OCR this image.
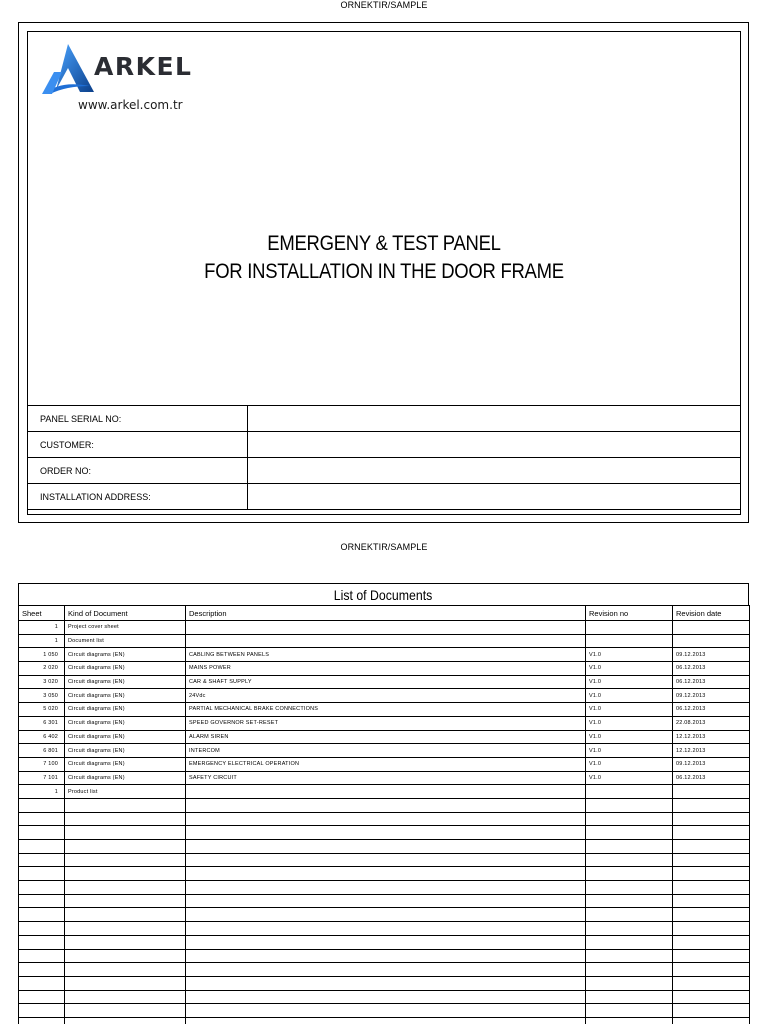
ORNEKTIR/SAMPLE
ARKEL
www.arkel.com.tr
EMERGENY & TEST PANEL
FOR INSTALLATION IN THE DOOR FRAME
PANEL SERIAL NO:	
CUSTOMER:	
ORDER NO:	
INSTALLATION ADDRESS:	
ORNEKTIR/SAMPLE
List of Documents
Sheet	Kind of Document	Description	Revision no	Revision date
1	Project cover sheet			
1	Document list			
1 050	Circuit diagrams (EN)	CABLING BETWEEN PANELS	V1.0	09.12.2013
2 020	Circuit diagrams (EN)	MAINS POWER	V1.0	06.12.2013
3 020	Circuit diagrams (EN)	CAR & SHAFT SUPPLY	V1.0	06.12.2013
3 050	Circuit diagrams (EN)	24Vdc	V1.0	09.12.2013
5 020	Circuit diagrams (EN)	PARTIAL MECHANICAL BRAKE CONNECTIONS	V1.0	06.12.2013
6 301	Circuit diagrams (EN)	SPEED GOVERNOR SET-RESET	V1.0	22.08.2013
6 402	Circuit diagrams (EN)	ALARM SIREN	V1.0	12.12.2013
6 801	Circuit diagrams (EN)	INTERCOM	V1.0	12.12.2013
7 100	Circuit diagrams (EN)	EMERGENCY ELECTRICAL OPERATION	V1.0	09.12.2013
7 101	Circuit diagrams (EN)	SAFETY CIRCUIT	V1.0	06.12.2013
1	Product list			
